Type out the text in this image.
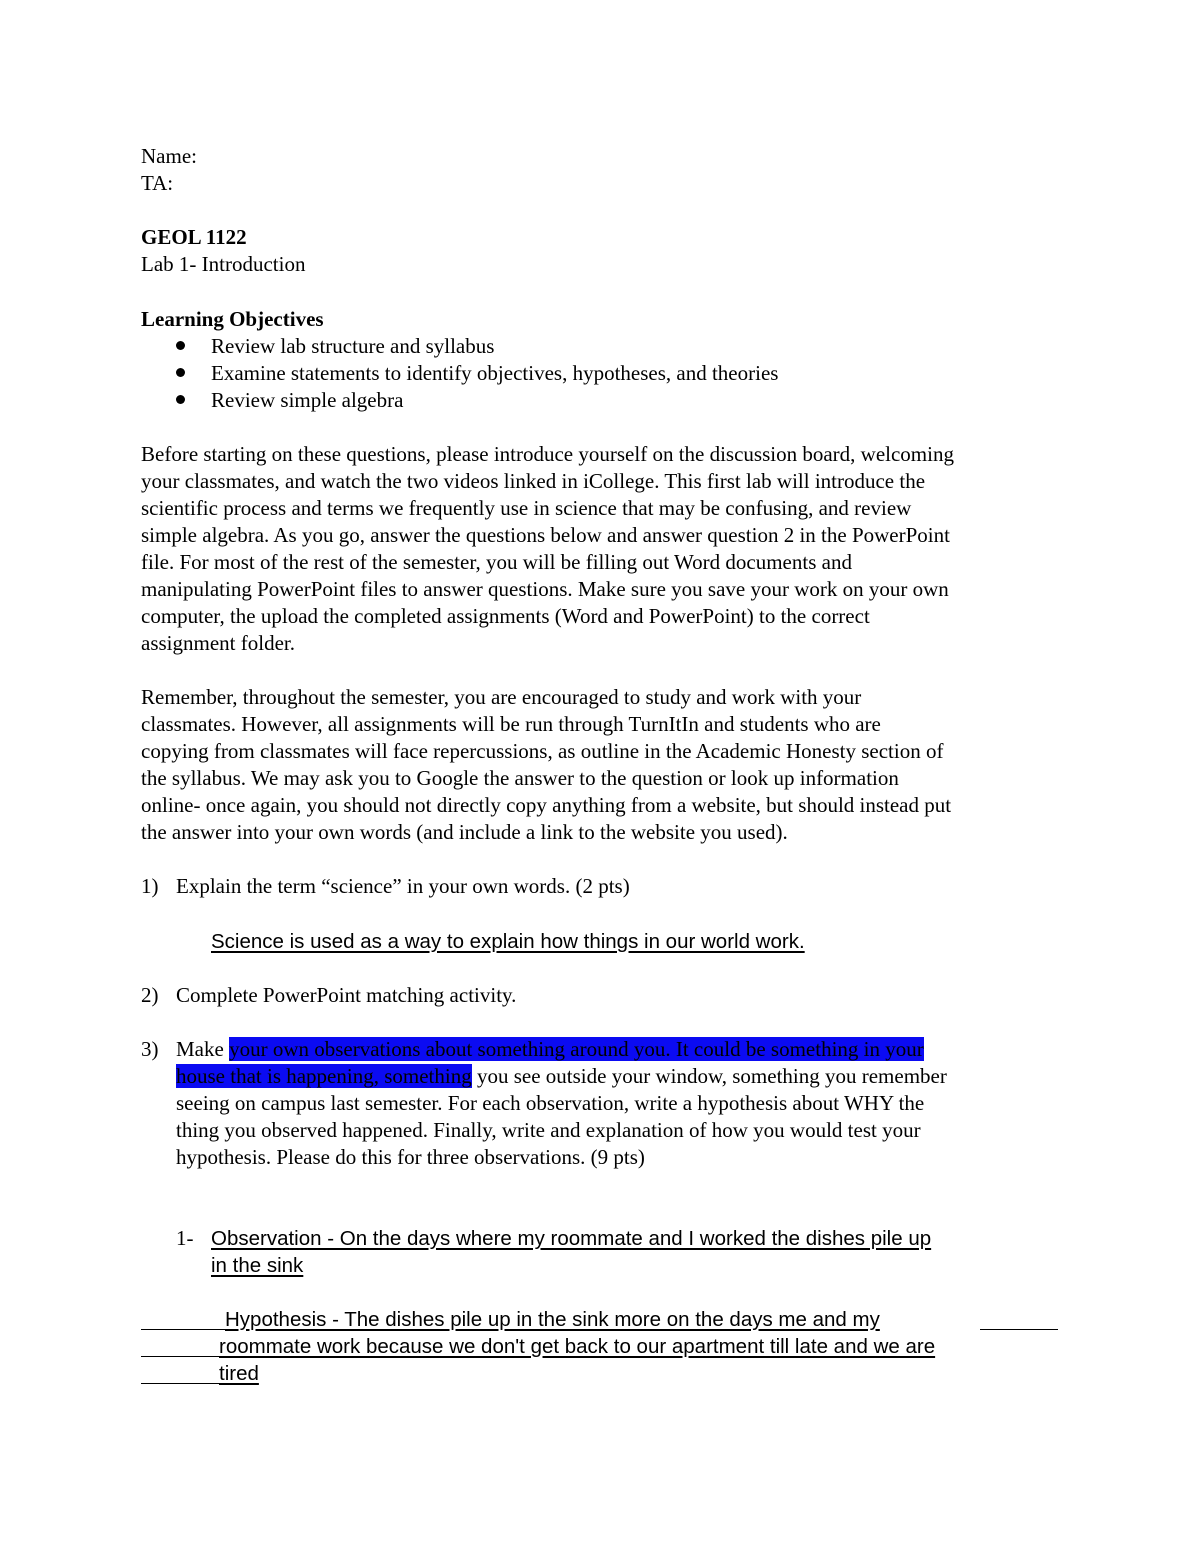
Name:
TA:
GEOL 1122
Lab 1- Introduction
Learning Objectives
Review lab structure and syllabus
Examine statements to identify objectives, hypotheses, and theories
Review simple algebra
Before starting on these questions, please introduce yourself on the discussion board, welcoming
your classmates, and watch the two videos linked in iCollege. This first lab will introduce the
scientific process and terms we frequently use in science that may be confusing, and review
simple algebra. As you go, answer the questions below and answer question 2 in the PowerPoint
file. For most of the rest of the semester, you will be filling out Word documents and
manipulating PowerPoint files to answer questions. Make sure you save your work on your own
computer, the upload the completed assignments (Word and PowerPoint) to the correct
assignment folder.
Remember, throughout the semester, you are encouraged to study and work with your
classmates. However, all assignments will be run through TurnItIn and students who are
copying from classmates will face repercussions, as outline in the Academic Honesty section of
the syllabus. We may ask you to Google the answer to the question or look up information
online- once again, you should not directly copy anything from a website, but should instead put
the answer into your own words (and include a link to the website you used).
1) Explain the term “science” in your own words. (2 pts)
Science is used as a way to explain how things in our world work.
2) Complete PowerPoint matching activity.
3) Make your own observations about something around you. It could be something in your
house that is happening, something you see outside your window, something you remember
seeing on campus last semester. For each observation, write a hypothesis about WHY the
thing you observed happened. Finally, write and explanation of how you would test your
hypothesis. Please do this for three observations. (9 pts)
1- Observation - On the days where my roommate and I worked the dishes pile up
in the sink
Hypothesis - The dishes pile up in the sink more on the days me and my
roommate work because we don't get back to our apartment till late and we are
tired
